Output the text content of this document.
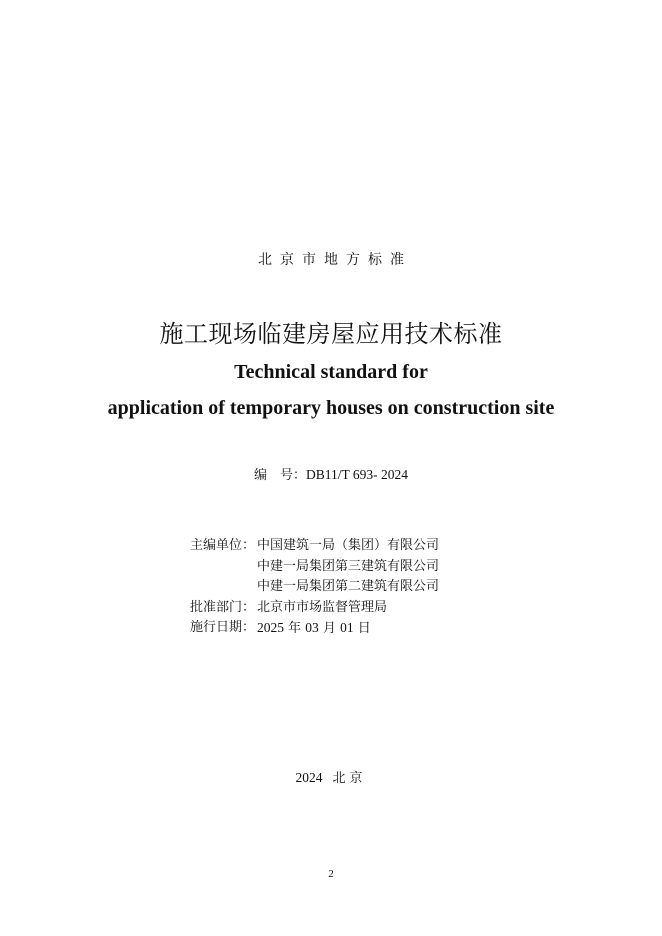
北京市地方标准
施工现场临建房屋应用技术标准
Technical standard for
application of temporary houses on construction site
编　号：DB11/T 693- 2024
主编单位： 中国建筑一局（集团）有限公司
中建一局集团第三建筑有限公司
中建一局集团第二建筑有限公司
批准部门： 北京市市场监督管理局
施行日期： 2025 年 03 月 01 日
2024 北京
2
